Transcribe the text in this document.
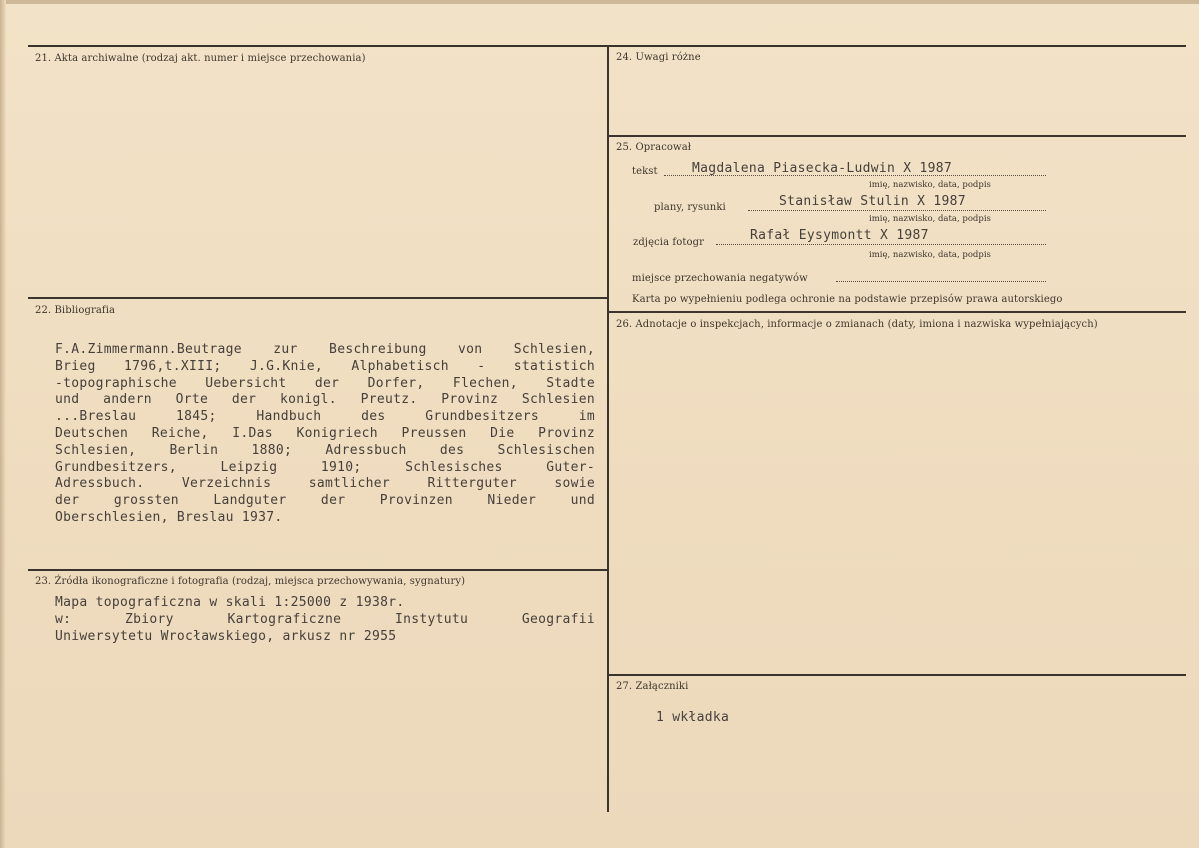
21. Akta archiwalne (rodzaj akt. numer i miejsce przechowania)
22. Bibliografia
F.A.Zimmermann.Beutrage zur Beschreibung von Schlesien,
Brieg 1796,t.XIII; J.G.Knie, Alphabetisch - statistich
-topographische Uebersicht der Dorfer, Flechen, Stadte
und andern Orte der konigl. Preutz. Provinz Schlesien
...Breslau 1845; Handbuch des Grundbesitzers im
Deutschen Reiche, I.Das Konigriech Preussen Die Provinz
Schlesien, Berlin 1880; Adressbuch des Schlesischen
Grundbesitzers, Leipzig 1910; Schlesisches Guter-
Adressbuch. Verzeichnis samtlicher Ritterguter sowie
der grossten Landguter der Provinzen Nieder und
Oberschlesien, Breslau 1937.
23. Źródła ikonograficzne i fotografia (rodzaj, miejsca przechowywania, sygnatury)
Mapa topograficzna w skali 1:25000 z 1938r.
w: Zbiory Kartograficzne Instytutu Geografii
Uniwersytetu Wrocławskiego, arkusz nr 2955
24. Uwagi różne
25. Opracował
tekst	Magdalena Piasecka-Ludwin X 1987
imię, nazwisko, data, podpis
plany, rysunki	Stanisław Stulin X 1987
imię, nazwisko, data, podpis
zdjęcia fotogr	Rafał Eysymontt X 1987
imię, nazwisko, data, podpis
miejsce przechowania negatywów
Karta po wypełnieniu podlega ochronie na podstawie przepisów prawa autorskiego
26. Adnotacje o inspekcjach, informacje o zmianach (daty, imiona i nazwiska wypełniających)
27. Załączniki
1 wkładka
